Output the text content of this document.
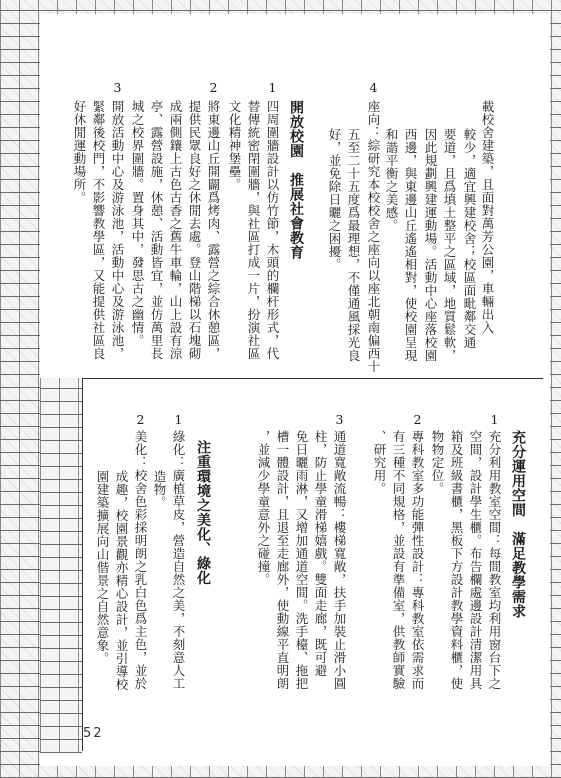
載校舍建築，且面對萬芳公園，車輛出入
較少，適宜興建校舍；校區面毗鄰交通
要道，且爲填土整平之區域，地質鬆軟，
因此規劃興建運動場。活動中心座落校園
西邊，與東邊山丘遙遙相對，使校園呈現
和諧平衡之美感。
4
座向：綜研究本校校舍之座向以座北朝南偏西十
五至二十五度爲最理想，不僅通風採光良
好，並免除日曬之困擾。
開放校園　推展社會教育
1
四周圍牆設計以仿竹節，木頭的欄杆形式，代
替傳統密閉圍牆，與社區打成一片，扮演社區
文化精神堡壘。
2
將東邊山丘開闢爲烤肉、露營之綜合休憩區，
提供民眾良好之休閒去處。登山階梯以石塊砌
成兩側鑲上古色古香之舊牛車輪，山上設有涼
亭、露營設施，休憩、活動皆宜，並仿萬里長
城之校界圍牆。置身其中，發思古之幽情。
3
開放活動中心及游泳池，活動中心及游泳池，
緊鄰後校門，不影響教學區，又能提供社區良
好休閒運動場所。
充分運用空間　滿足教學需求
1
充分利用教室空間：每間教室均利用窗台下之
空間，設計學生櫃。布告欄處邊設計清潔用具
箱及班級書櫃，黑板下方設計教學資料櫃，使
物物定位。
2
專科教室多功能彈性設計：專科教室依需求而
有三種不同規格，並設有準備室，供教師實驗
、研究用。
3
通道寬敞流暢：樓梯寬敞，扶手加裝止滑小圓
柱，防止學童滑梯嬉戲。雙面走廊，既可避
免日曬雨淋，又增加通道空間。洗手檯、拖把
槽一體設計，且退至走廊外，使動線平直明朗
，並減少學童意外之碰撞。
注重環境之美化、綠化
1
綠化：廣植草皮，營造自然之美，不刻意人工
造物。
2
美化：校舍色彩採明朗之乳白色爲主色，並於
成趣，校園景觀亦精心設計，並引導校
園建築擴展向山偕景之自然意象。
52
